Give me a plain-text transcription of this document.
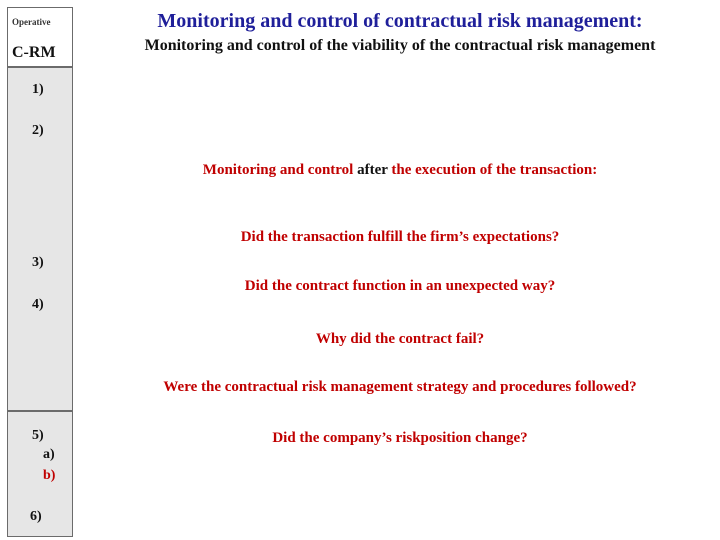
Operative
C-RM
Monitoring and control of contractual risk management:
Monitoring and control of the viability of the contractual risk management
1)
2)
3)
4)
5)
a)
b)
6)
Monitoring and control after the execution of the transaction:
Did the transaction fulfill the firm’s expectations?
Did the contract function in an unexpected way?
Why did the contract fail?
Were the contractual risk management strategy and procedures followed?
Did the company’s riskposition change?
